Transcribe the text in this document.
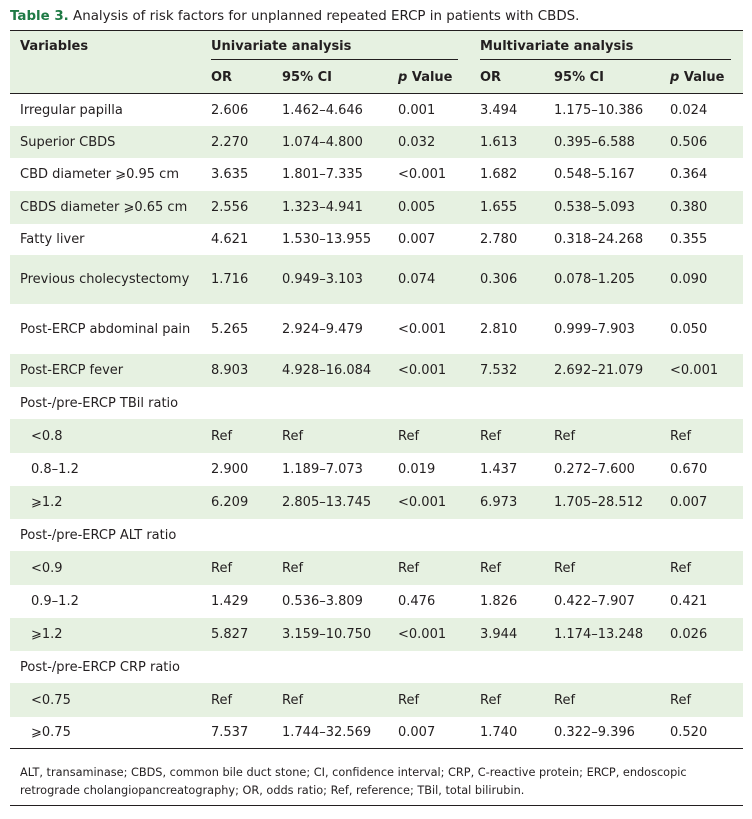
Table 3. Analysis of risk factors for unplanned repeated ERCP in patients with CBDS.
Variables	Univariate analysis			Multivariate analysis		

	OR	95% CI	p Value	OR	95% CI	p Value
Irregular papilla	2.606	1.462–4.646	0.001	3.494	1.175–10.386	0.024
Superior CBDS	2.270	1.074–4.800	0.032	1.613	0.395–6.588	0.506
CBD diameter ⩾0.95 cm	3.635	1.801–7.335	<0.001	1.682	0.548–5.167	0.364
CBDS diameter ⩾0.65 cm	2.556	1.323–4.941	0.005	1.655	0.538–5.093	0.380
Fatty liver	4.621	1.530–13.955	0.007	2.780	0.318–24.268	0.355
Previous cholecystectomy	1.716	0.949–3.103	0.074	0.306	0.078–1.205	0.090
Post-ERCP abdominal pain	5.265	2.924–9.479	<0.001	2.810	0.999–7.903	0.050
Post-ERCP fever	8.903	4.928–16.084	<0.001	7.532	2.692–21.079	<0.001
Post-/pre-ERCP TBil ratio						
<0.8	Ref	Ref	Ref	Ref	Ref	Ref
0.8–1.2	2.900	1.189–7.073	0.019	1.437	0.272–7.600	0.670
⩾1.2	6.209	2.805–13.745	<0.001	6.973	1.705–28.512	0.007
Post-/pre-ERCP ALT ratio						
<0.9	Ref	Ref	Ref	Ref	Ref	Ref
0.9–1.2	1.429	0.536–3.809	0.476	1.826	0.422–7.907	0.421
⩾1.2	5.827	3.159–10.750	<0.001	3.944	1.174–13.248	0.026
Post-/pre-ERCP CRP ratio						
<0.75	Ref	Ref	Ref	Ref	Ref	Ref
⩾0.75	7.537	1.744–32.569	0.007	1.740	0.322–9.396	0.520
ALT, transaminase; CBDS, common bile duct stone; CI, confidence interval; CRP, C-reactive protein; ERCP, endoscopic retrograde cholangiopancreatography; OR, odds ratio; Ref, reference; TBil, total bilirubin.
